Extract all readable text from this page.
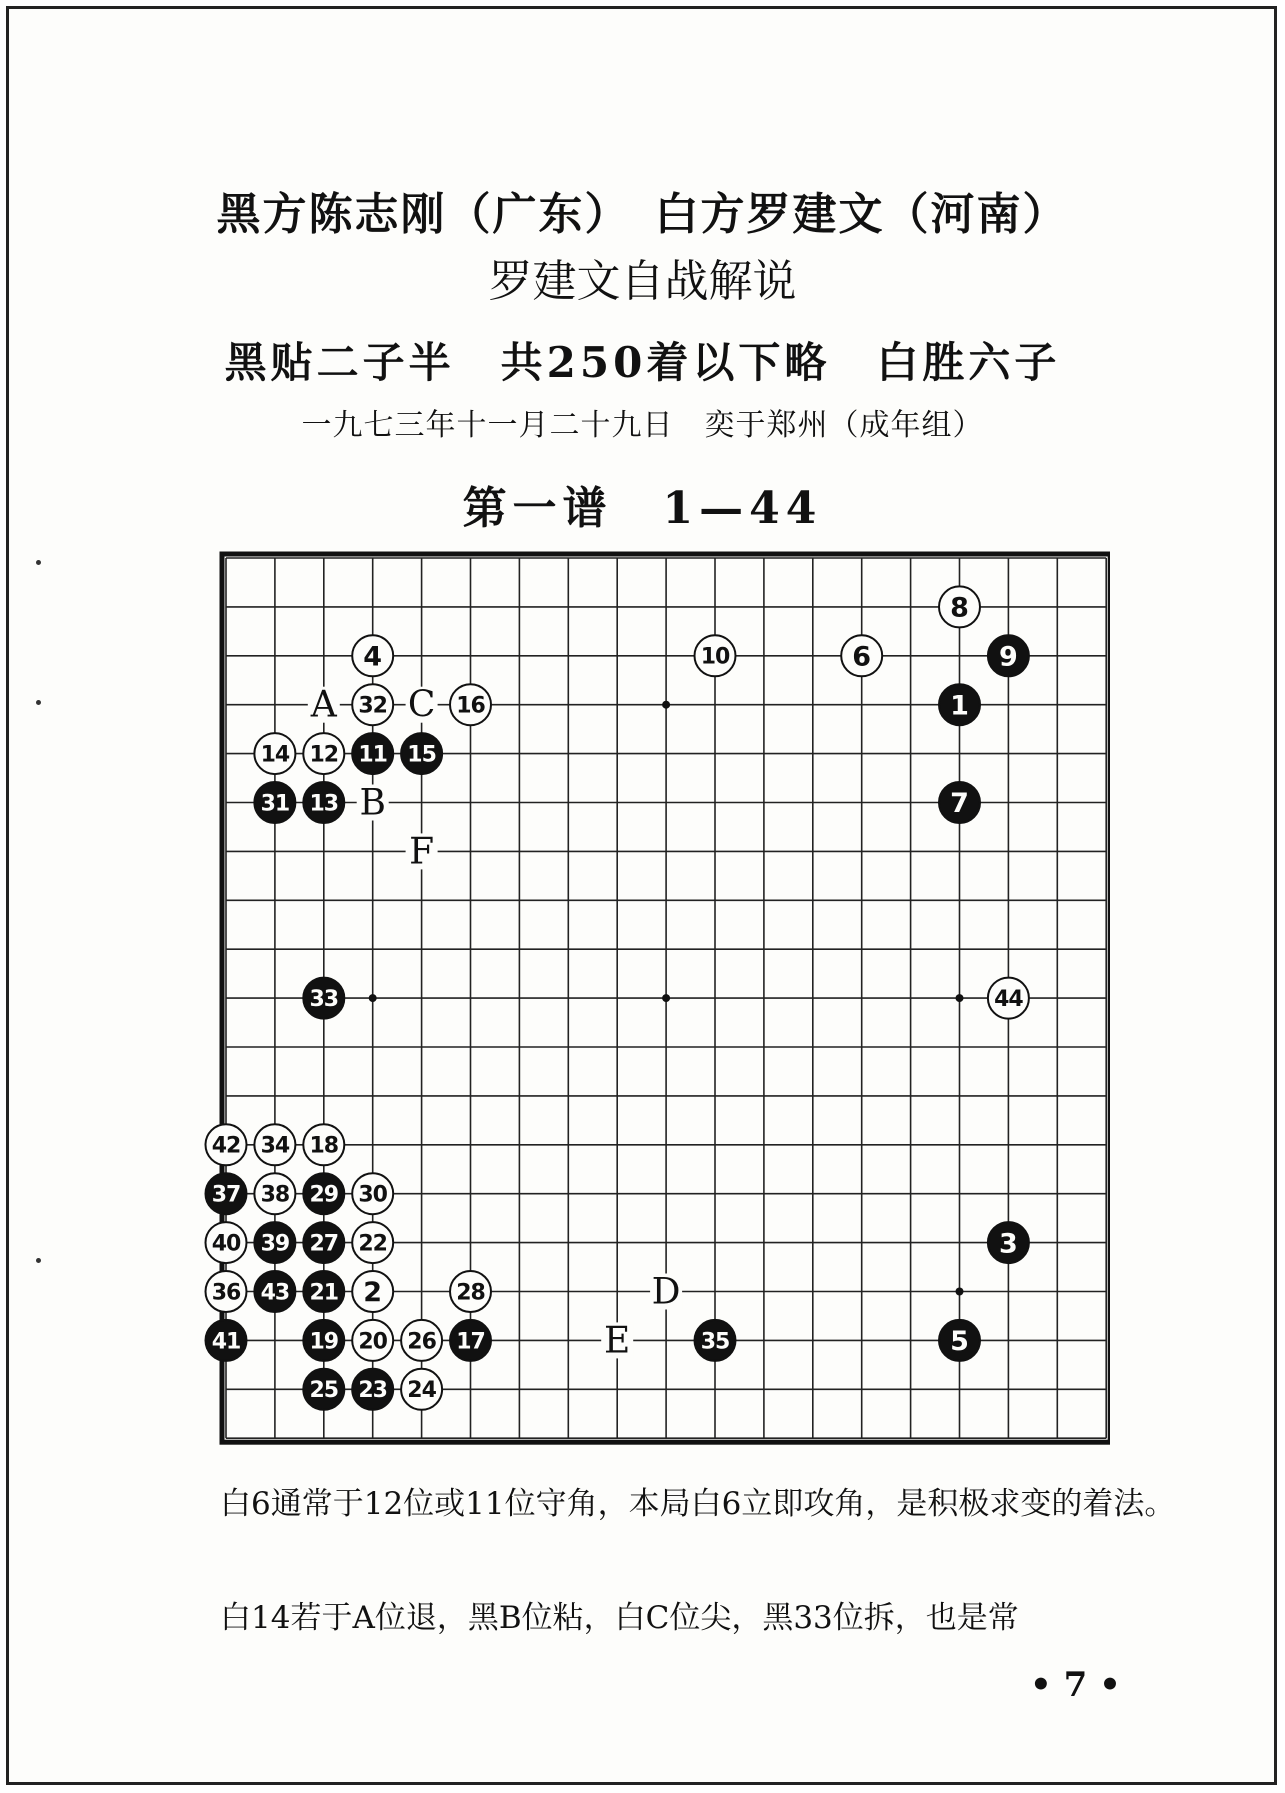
黑方陈志刚（广东）　白方罗建文（河南）
罗建文自战解说
黑贴二子半　共250着以下略　白胜六子
一九七三年十一月二十九日　奕于郑州（成年组）
第一谱　1—44
A C
B
F
D
E
1
2
3
4
5
6
7
8
9
10
11
12
13
14	15
16
17
18
19 20
21
22
23 24
25
26
27
28
29 30
31
32
33
34
35
36
37 38
39
40
41
42
43
44
白6通常于12位或11位守角，本局白6立即攻角，是积极求变的着法。
白14若于A位退，黑B位粘，白C位尖，黑33位拆，也是常
• 7 •
